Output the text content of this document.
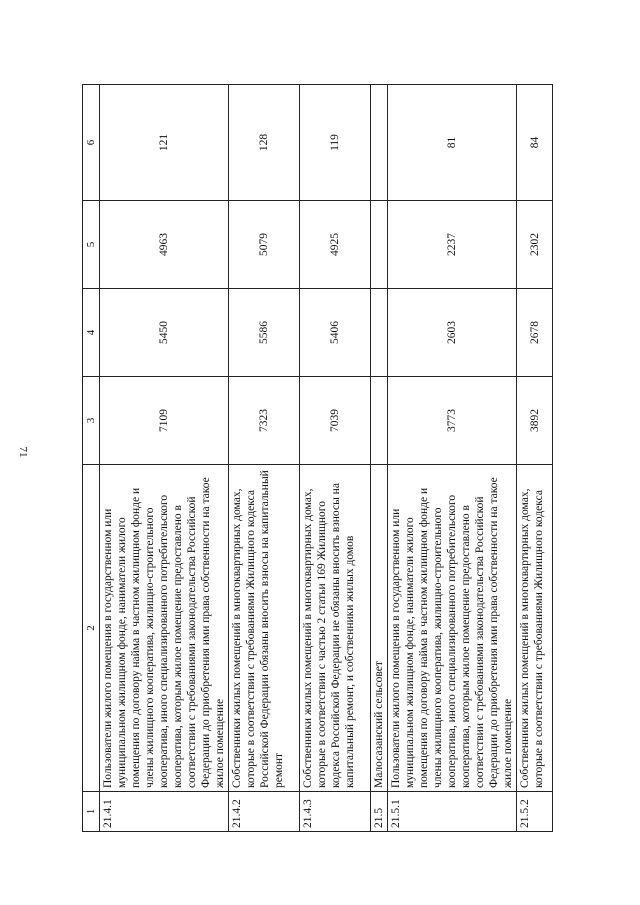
71
1	2	3	4	5	6
21.4.1	Пользователи жилого помещения в государственном или муниципальном жилищном фонде, наниматели жилого помещения по договору найма в частном жилищном фонде и члены жилищного кооператива, жилищно-строительного кооператива, иного специализированного потребительского кооператива, которым жилое помещение предоставлено в соответствии с требованиями законодательства Российской Федерации до приобретения ими права собственности на такое жилое помещение	7109	5450	4963	121
21.4.2	Собственники жилых помещений в многоквартирных домах, которые в соответствии с требованиями Жилищного кодекса Российской Федерации обязаны вносить взносы на капитальный ремонт	7323	5586	5079	128
21.4.3	Собственники жилых помещений в многоквартирных домах, которые в соответствии с частью 2 статьи 169 Жилищного кодекса Российской Федерации не обязаны вносить взносы на капитальный ремонт, и собственники жилых домов	7039	5406	4925	119
21.5	Малосазанский сельсовет				
21.5.1	Пользователи жилого помещения в государственном или муниципальном жилищном фонде, наниматели жилого помещения по договору найма в частном жилищном фонде и члены жилищного кооператива, жилищно-строительного кооператива, иного специализированного потребительского кооператива, которым жилое помещение предоставлено в соответствии с требованиями законодательства Российской Федерации до приобретения ими права собственности на такое жилое помещение	3773	2603	2237	81
21.5.2	Собственники жилых помещений в многоквартирных домах, которые в соответствии с требованиями Жилищного кодекса	3892	2678	2302	84
